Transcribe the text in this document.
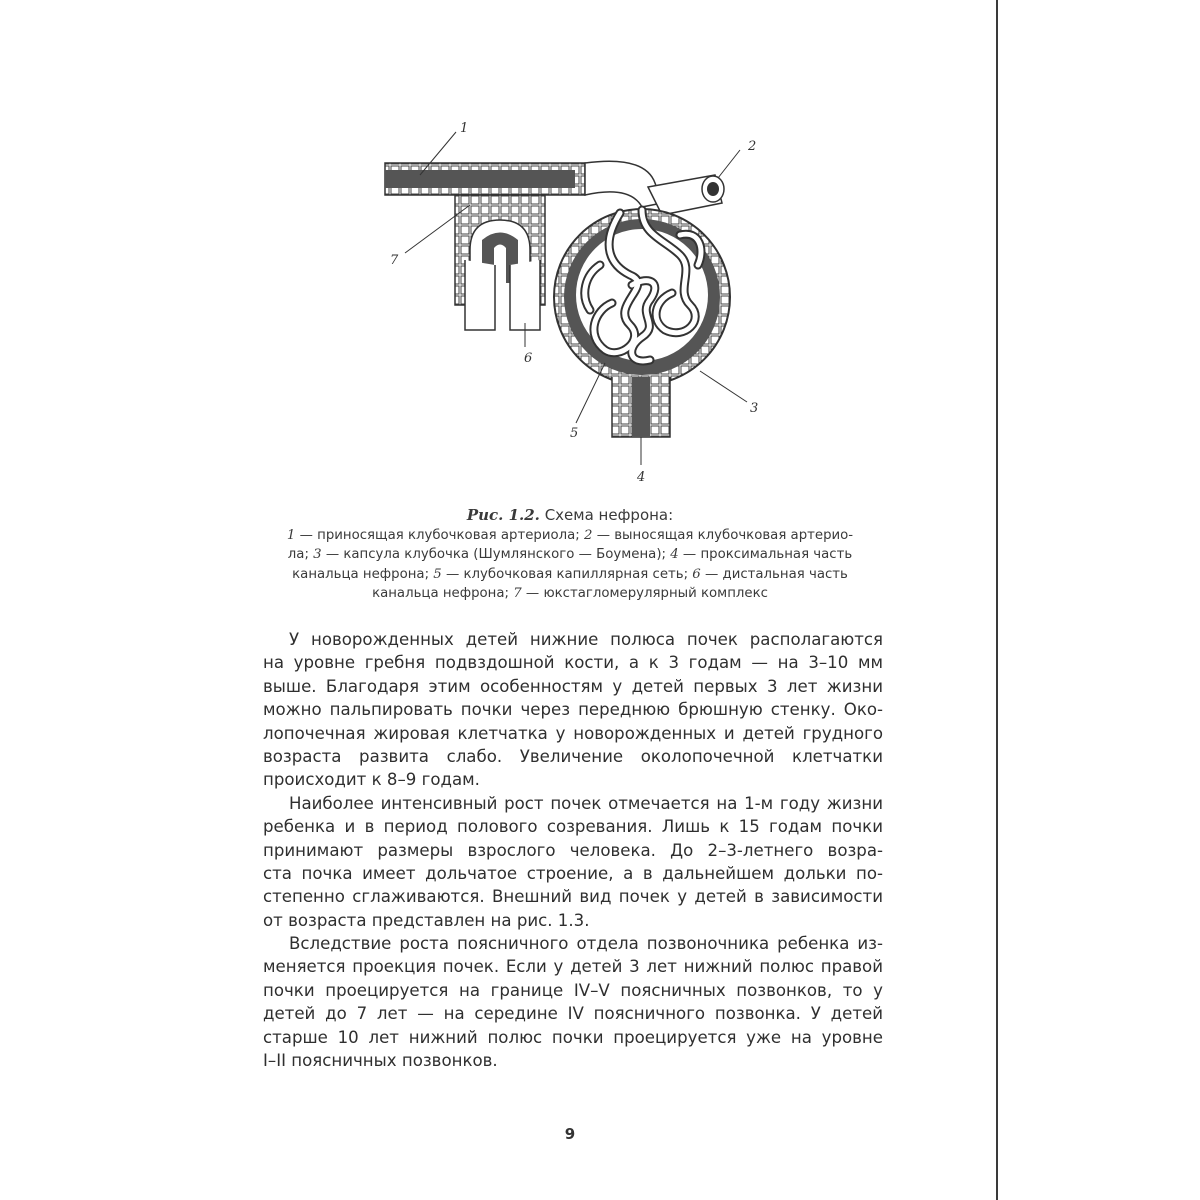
1
2
3
4
5
6
7
Рис. 1.2. Схема нефрона:
1 — приносящая клубочковая артериола; 2 — выносящая клубочковая артерио-
ла; 3 — капсула клубочка (Шумлянского — Боумена); 4 — проксимальная часть
канальца нефрона; 5 — клубочковая капиллярная сеть; 6 — дистальная часть
канальца нефрона; 7 — юкстагломерулярный комплекс
У новорожденных детей нижние полюса почек располагаются
на уровне гребня подвздошной кости, а к 3 годам — на 3–10 мм
выше. Благодаря этим особенностям у детей первых 3 лет жизни
можно пальпировать почки через переднюю брюшную стенку. Око-
лопочечная жировая клетчатка у новорожденных и детей грудного
возраста развита слабо. Увеличение околопочечной клетчатки
происходит к 8–9 годам.
Наиболее интенсивный рост почек отмечается на 1-м году жизни
ребенка и в период полового созревания. Лишь к 15 годам почки
принимают размеры взрослого человека. До 2–3-летнего возра-
ста почка имеет дольчатое строение, а в дальнейшем дольки по-
степенно сглаживаются. Внешний вид почек у детей в зависимости
от возраста представлен на рис. 1.3.
Вследствие роста поясничного отдела позвоночника ребенка из-
меняется проекция почек. Если у детей 3 лет нижний полюс правой
почки проецируется на границе IV–V поясничных позвонков, то у
детей до 7 лет — на середине IV поясничного позвонка. У детей
старше 10 лет нижний полюс почки проецируется уже на уровне
I–II поясничных позвонков.
9
